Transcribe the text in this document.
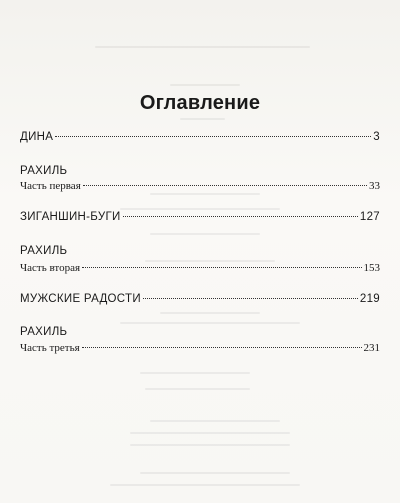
Оглавление
ДИНА	3
РАХИЛЬ
Часть первая	33
ЗИГАНШИН-БУГИ	127
РАХИЛЬ
Часть вторая	153
МУЖСКИЕ РАДОСТИ	219
РАХИЛЬ
Часть третья	231
